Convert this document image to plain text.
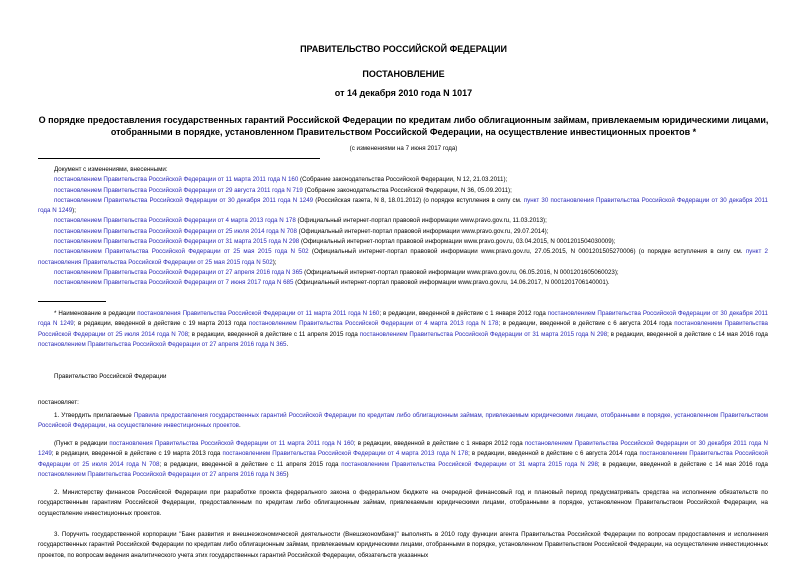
ПРАВИТЕЛЬСТВО РОССИЙСКОЙ ФЕДЕРАЦИИ
ПОСТАНОВЛЕНИЕ
от 14 декабря 2010 года N 1017
О порядке предоставления государственных гарантий Российской Федерации по кредитам либо облигационным займам, привлекаемым юридическими лицами,
отобранными в порядке, установленном Правительством Российской Федерации, на осуществление инвестиционных проектов *
(с изменениями на 7 июня 2017 года)
Документ с изменениями, внесенными:
постановлением Правительства Российской Федерации от 11 марта 2011 года N 160 (Собрание законодательства Российской Федерации, N 12, 21.03.2011);
постановлением Правительства Российской Федерации от 29 августа 2011 года N 719 (Собрание законодательства Российской Федерации, N 36, 05.09.2011);
постановлением Правительства Российской Федерации от 30 декабря 2011 года N 1249 (Российская газета, N 8, 18.01.2012) (о порядке вступления в силу см. пункт 30 постановления Правительства Российской Федерации от 30 декабря 2011 года N 1249);
постановлением Правительства Российской Федерации от 4 марта 2013 года N 178 (Официальный интернет-портал правовой информации www.pravo.gov.ru, 11.03.2013);
постановлением Правительства Российской Федерации от 25 июля 2014 года N 708 (Официальный интернет-портал правовой информации www.pravo.gov.ru, 29.07.2014);
постановлением Правительства Российской Федерации от 31 марта 2015 года N 298 (Официальный интернет-портал правовой информации www.pravo.gov.ru, 03.04.2015, N 0001201504030009);
постановлением Правительства Российской Федерации от 25 мая 2015 года N 502 (Официальный интернет-портал правовой информации www.pravo.gov.ru, 27.05.2015, N 0001201505270006) (о порядке вступления в силу см. пункт 2 постановления Правительства Российской Федерации от 25 мая 2015 года N 502);
постановлением Правительства Российской Федерации от 27 апреля 2016 года N 365 (Официальный интернет-портал правовой информации www.pravo.gov.ru, 06.05.2016, N 0001201605060023);
постановлением Правительства Российской Федерации от 7 июня 2017 года N 685 (Официальный интернет-портал правовой информации www.pravo.gov.ru, 14.06.2017, N 0001201706140001).

* Наименование в редакции постановления Правительства Российской Федерации от 11 марта 2011 года N 160; в редакции, введенной в действие с 1 января 2012 года постановлением Правительства Российской Федерации от 30 декабря 2011 года N 1249; в редакции, введенной в действие с 19 марта 2013 года постановлением Правительства Российской Федерации от 4 марта 2013 года N 178; в редакции, введенной в действие с 6 августа 2014 года постановлением Правительства Российской Федерации от 25 июля 2014 года N 708; в редакции, введенной в действие с 11 апреля 2015 года постановлением Правительства Российской Федерации от 31 марта 2015 года N 298; в редакции, введенной в действие с 14 мая 2016 года постановлением Правительства Российской Федерации от 27 апреля 2016 года N 365.

Правительство Российской Федерации

постановляет:

1. Утвердить прилагаемые Правила предоставления государственных гарантий Российской Федерации по кредитам либо облигационным займам, привлекаемым юридическими лицами, отобранными в порядке, установленном Правительством Российской Федерации, на осуществление инвестиционных проектов.

(Пункт в редакции постановления Правительства Российской Федерации от 11 марта 2011 года N 160; в редакции, введенной в действие с 1 января 2012 года постановлением Правительства Российской Федерации от 30 декабря 2011 года N 1249; в редакции, введенной в действие с 19 марта 2013 года постановлением Правительства Российской Федерации от 4 марта 2013 года N 178; в редакции, введенной в действие с 6 августа 2014 года постановлением Правительства Российской Федерации от 25 июля 2014 года N 708; в редакции, введенной в действие с 11 апреля 2015 года постановлением Правительства Российской Федерации от 31 марта 2015 года N 298; в редакции, введенной в действие с 14 мая 2016 года постановлением Правительства Российской Федерации от 27 апреля 2016 года N 365)

2. Министерству финансов Российской Федерации при разработке проекта федерального закона о федеральном бюджете на очередной финансовый год и плановый период предусматривать средства на исполнение обязательств по государственным гарантиям Российской Федерации, предоставленным по кредитам либо облигационным займам, привлекаемым юридическими лицами, отобранными в порядке, установленном Правительством Российской Федерации, на осуществление инвестиционных проектов.

3. Поручить государственной корпорации "Банк развития и внешнеэкономической деятельности (Внешэкономбанк)" выполнять в 2010 году функции агента Правительства Российской Федерации по вопросам предоставления и исполнения государственных гарантий Российской Федерации по кредитам либо облигационным займам, привлекаемым юридическими лицами, отобранными в порядке, установленном Правительством Российской Федерации, на осуществление инвестиционных проектов, по вопросам ведения аналитического учета этих государственных гарантий Российской Федерации, обязательств указанных
